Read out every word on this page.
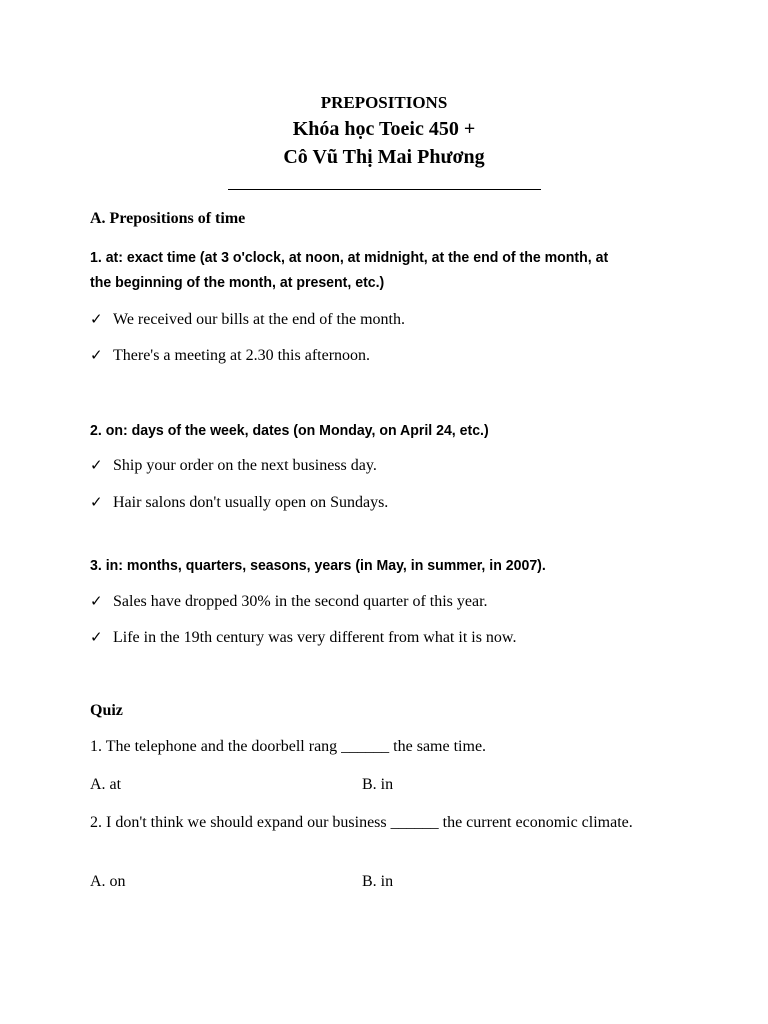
PREPOSITIONS
Khóa học Toeic 450 +
Cô Vũ Thị Mai Phương
A. Prepositions of time
1. at: exact time (at 3 o'clock, at noon, at midnight, at the end of the month, at
the beginning of the month, at present, etc.)
✓ We received our bills at the end of the month.
✓ There's a meeting at 2.30 this afternoon.
2. on: days of the week, dates (on Monday, on April 24, etc.)
✓ Ship your order on the next business day.
✓ Hair salons don't usually open on Sundays.
3. in: months, quarters, seasons, years (in May, in summer, in 2007).
✓ Sales have dropped 30% in the second quarter of this year.
✓ Life in the 19th century was very different from what it is now.
Quiz
1. The telephone and the doorbell rang ______ the same time.
A. at	B. in
2. I don't think we should expand our business ______ the current economic climate.
A. on	B. in
